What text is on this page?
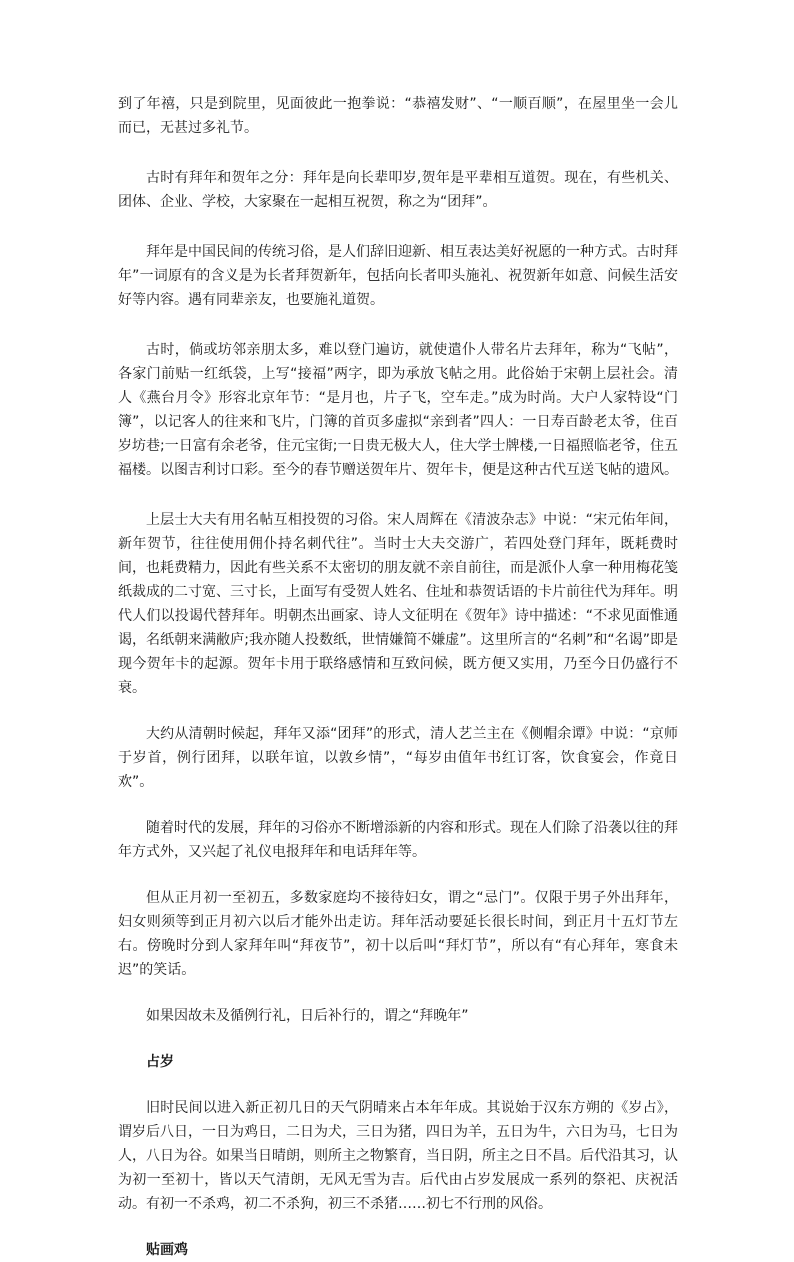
到了年禧，只是到院里，见面彼此一抱拳说：“恭禧发财”、“一顺百顺”，在屋里坐一会儿而已，无甚过多礼节。

古时有拜年和贺年之分：拜年是向长辈叩岁,贺年是平辈相互道贺。现在，有些机关、团体、企业、学校，大家聚在一起相互祝贺，称之为“团拜”。

拜年是中国民间的传统习俗，是人们辞旧迎新、相互表达美好祝愿的一种方式。古时拜年”一词原有的含义是为长者拜贺新年，包括向长者叩头施礼、祝贺新年如意、问候生活安好等内容。遇有同辈亲友，也要施礼道贺。

古时，倘或坊邻亲朋太多，难以登门遍访，就使遣仆人带名片去拜年，称为“飞帖”，各家门前贴一红纸袋，上写“接福”两字，即为承放飞帖之用。此俗始于宋朝上层社会。清人《燕台月令》形容北京年节：“是月也，片子飞，空车走。”成为时尚。大户人家特设“门簿”，以记客人的往来和飞片，门簿的首页多虚拟“亲到者”四人：一日寿百龄老太爷，住百岁坊巷;一日富有余老爷，住元宝街;一日贵无极大人，住大学士牌楼,一日福照临老爷，住五福楼。以图吉利讨口彩。至今的春节赠送贺年片、贺年卡，便是这种古代互送飞帖的遗风。

上层士大夫有用名帖互相投贺的习俗。宋人周辉在《清波杂志》中说：“宋元佑年间，新年贺节，往往使用佣仆持名刺代往”。当时士大夫交游广，若四处登门拜年，既耗费时间，也耗费精力，因此有些关系不太密切的朋友就不亲自前往，而是派仆人拿一种用梅花笺纸裁成的二寸宽、三寸长，上面写有受贺人姓名、住址和恭贺话语的卡片前往代为拜年。明代人们以投谒代替拜年。明朝杰出画家、诗人文征明在《贺年》诗中描述：“不求见面惟通谒，名纸朝来满敝庐;我亦随人投数纸，世情嫌简不嫌虚”。这里所言的“名刺”和“名谒”即是现今贺年卡的起源。贺年卡用于联络感情和互致问候，既方便又实用，乃至今日仍盛行不衰。

大约从清朝时候起，拜年又添“团拜”的形式，清人艺兰主在《侧帽余谭》中说：“京师于岁首，例行团拜，以联年谊，以敦乡情”，“每岁由值年书红订客，饮食宴会，作竟日欢”。

随着时代的发展，拜年的习俗亦不断增添新的内容和形式。现在人们除了沿袭以往的拜年方式外，又兴起了礼仪电报拜年和电话拜年等。

但从正月初一至初五，多数家庭均不接待妇女，谓之“忌门”。仅限于男子外出拜年，妇女则须等到正月初六以后才能外出走访。拜年活动要延长很长时间，到正月十五灯节左右。傍晚时分到人家拜年叫“拜夜节”，初十以后叫“拜灯节”，所以有“有心拜年，寒食未迟”的笑话。

如果因故未及循例行礼，日后补行的，谓之“拜晚年”

占岁

旧时民间以进入新正初几日的天气阴晴来占本年年成。其说始于汉东方朔的《岁占》，谓岁后八日，一日为鸡日，二日为犬，三日为猪，四日为羊，五日为牛，六日为马，七日为人，八日为谷。如果当日晴朗，则所主之物繁育，当日阴，所主之日不昌。后代沿其习，认为初一至初十，皆以天气清朗，无风无雪为吉。后代由占岁发展成一系列的祭祀、庆祝活动。有初一不杀鸡，初二不杀狗，初三不杀猪……初七不行刑的风俗。

贴画鸡
